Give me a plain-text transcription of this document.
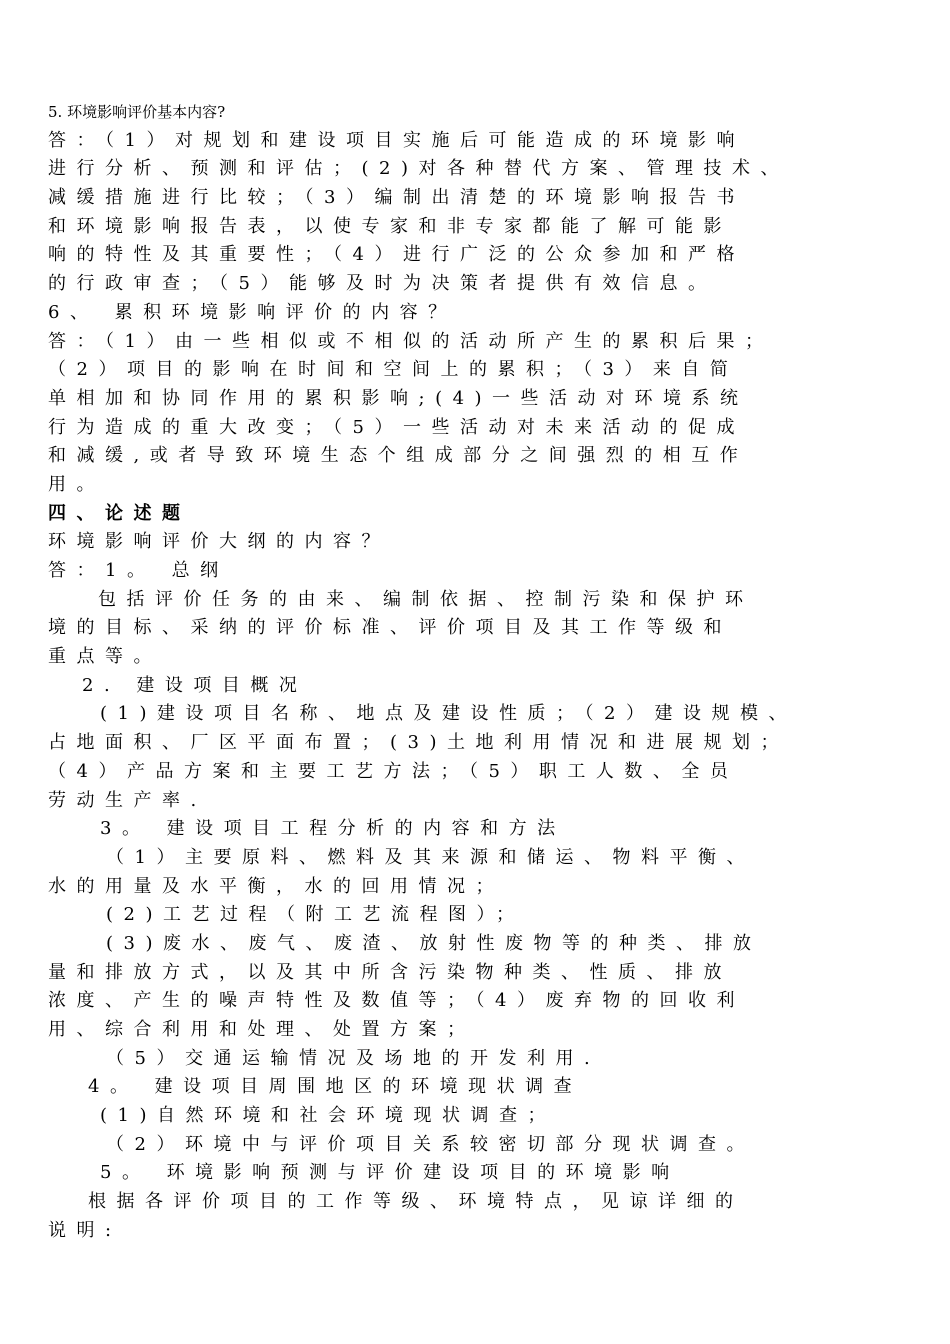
5. 环境影响评价基本内容?
答：（1）对规划和建设项目实施后可能造成的环境影响
进行分析、预测和评估；(2)对各种替代方案、管理技术、
减缓措施进行比较；（3）编制出清楚的环境影响报告书
和环境影响报告表，以使专家和非专家都能了解可能影
响的特性及其重要性；（4）进行广泛的公众参加和严格
的行政审查；（5）能够及时为决策者提供有效信息。
6、 累积环境影响评价的内容？
答：（1）由一些相似或不相似的活动所产生的累积后果；
（2）项目的影响在时间和空间上的累积；（3）来自简
单相加和协同作用的累积影响;(4)一些活动对环境系统
行为造成的重大改变；（5）一些活动对未来活动的促成
和减缓,或者导致环境生态个组成部分之间强烈的相互作
用。
四、论述题
环境影响评价大纲的内容？
答：1。 总纲
包括评价任务的由来、编制依据、控制污染和保护环
境的目标、采纳的评价标准、评价项目及其工作等级和
重点等。
2. 建设项目概况
(1)建设项目名称、地点及建设性质；（2）建设规模、
占地面积、厂区平面布置；(3)土地利用情况和进展规划；
（4）产品方案和主要工艺方法；（5）职工人数、全员
劳动生产率.
3。 建设项目工程分析的内容和方法
（1）主要原料、燃料及其来源和储运、物料平衡、
水的用量及水平衡，水的回用情况；
(2)工艺过程（附工艺流程图）；
(3)废水、废气、废渣、放射性废物等的种类、排放
量和排放方式，以及其中所含污染物种类、性质、排放
浓度、产生的噪声特性及数值等；（4）废弃物的回收利
用、综合利用和处理、处置方案；
（5）交通运输情况及场地的开发利用.
4。 建设项目周围地区的环境现状调查
(1)自然环境和社会环境现状调查；
（2）环境中与评价项目关系较密切部分现状调查。
5。 环境影响预测与评价建设项目的环境影响
根据各评价项目的工作等级、环境特点，见谅详细的
说明:
